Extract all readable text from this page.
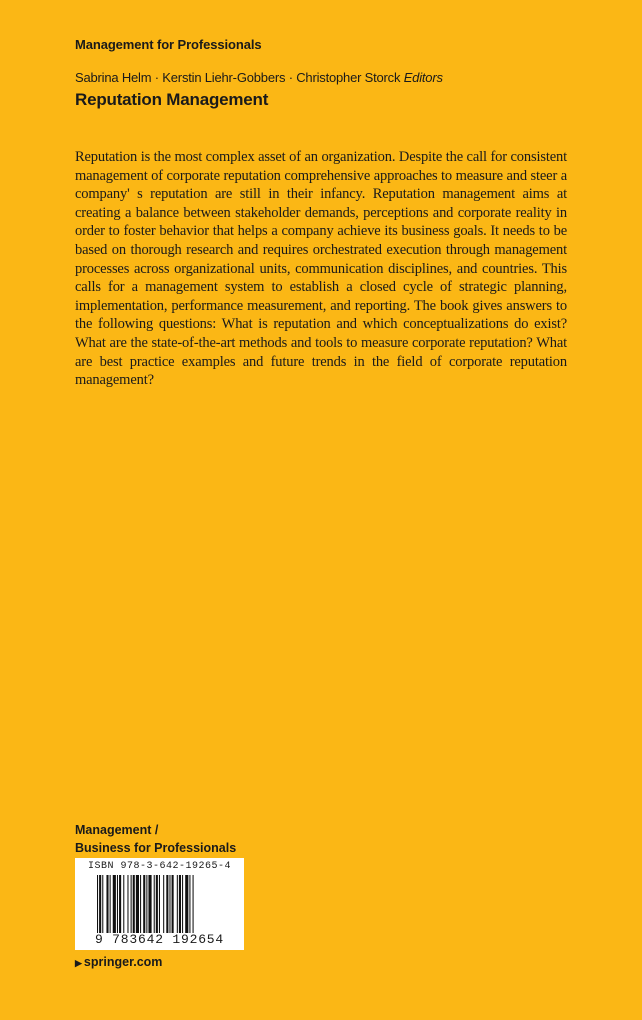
Management for Professionals
Sabrina Helm · Kerstin Liehr-Gobbers · Christopher Storck Editors
Reputation Management

Reputation is the most complex asset of an organization. Despite the call for consistent management of corporate reputation comprehensive approaches to measure and steer a company' s reputation are still in their infancy. Reputation management aims at creating a balance between stakeholder demands, perceptions and corporate reality in order to foster behavior that helps a company achieve its business goals. It needs to be based on thorough research and requires orchestrated execution through management processes across organizational units, communication disciplines, and countries. This calls for a management system to establish a closed cycle of strategic planning, implementation, performance measurement, and reporting. The book gives answers to the following questions: What is reputation and which conceptualizations do exist? What are the state-of-the-art methods and tools to measure corporate reputation? What are best practice examples and future trends in the field of corporate reputation management?

Management /
Business for Professionals
ISBN 978-3-642-19265-4
9 783642 192654
▶ springer.com
